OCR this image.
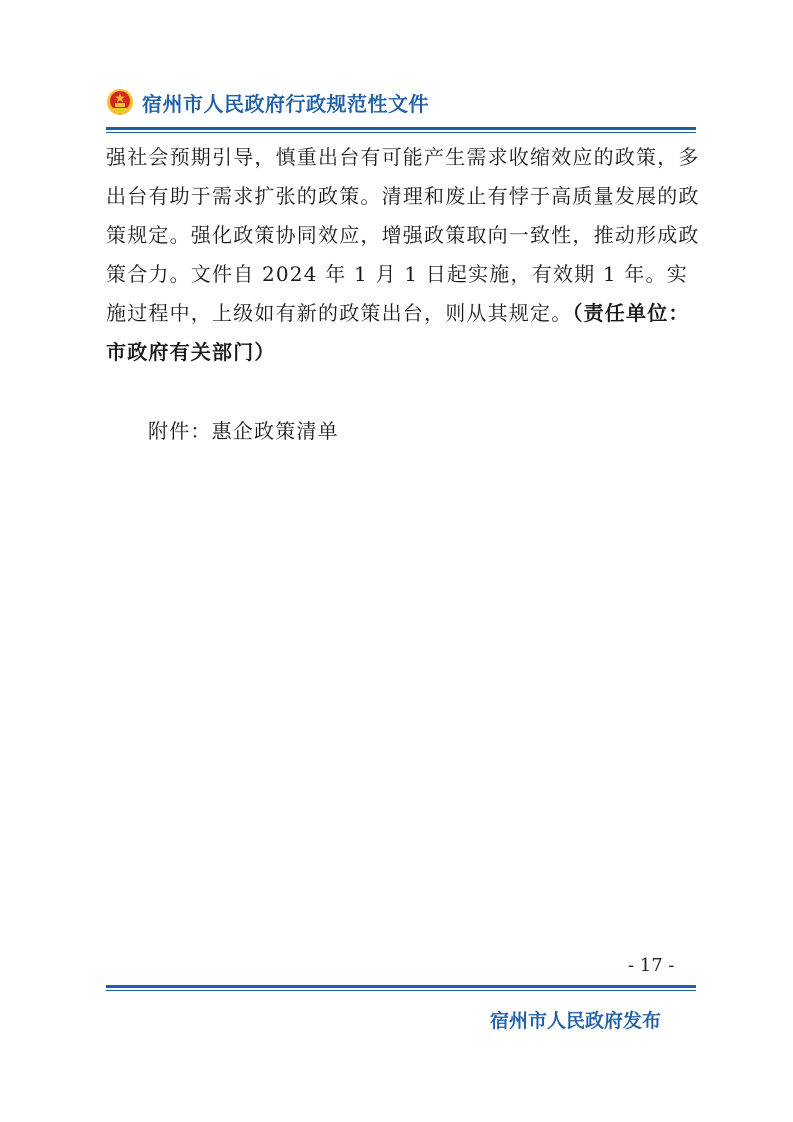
宿州市人民政府行政规范性文件
强社会预期引导，慎重出台有可能产生需求收缩效应的政策，多出台有助于需求扩张的政策。清理和废止有悖于高质量发展的政策规定。强化政策协同效应，增强政策取向一致性，推动形成政策合力。文件自 2024 年 1 月 1 日起实施，有效期 1 年。实施过程中，上级如有新的政策出台，则从其规定。（责任单位：市政府有关部门）
附件：惠企政策清单
- 17 -
宿州市人民政府发布
